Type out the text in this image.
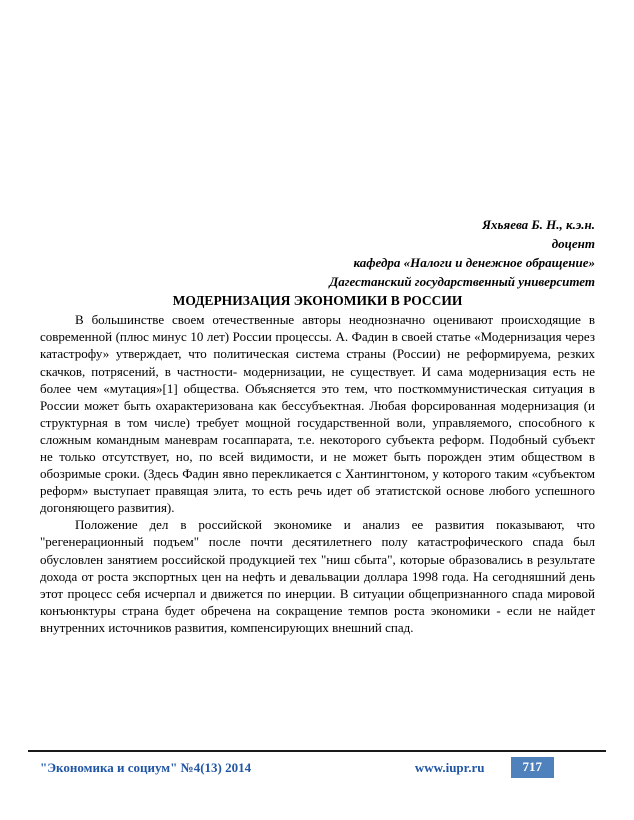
Яхьяева Б. Н., к.э.н.
доцент
кафедра «Налоги и денежное обращение»
Дагестанский государственный университет
МОДЕРНИЗАЦИЯ ЭКОНОМИКИ В РОССИИ

В большинстве своем отечественные авторы неоднозначно оценивают происходящие в современной (плюс минус 10 лет) России процессы. А. Фадин в своей статье «Модернизация через катастрофу» утверждает, что политическая система страны (России) не реформируема, резких скачков, потрясений, в частности- модернизации, не существует. И сама модернизация есть не более чем «мутация»[1] общества. Объясняется это тем, что посткоммунистическая ситуация в России может быть охарактеризована как бессубъектная. Любая форсированная модернизация (и структурная в том числе) требует мощной государственной воли, управляемого, способного к сложным командным маневрам госаппарата, т.е. некоторого субъекта реформ. Подобный субъект не только отсутствует, но, по всей видимости, и не может быть порожден этим обществом в обозримые сроки. (Здесь Фадин явно перекликается с Хантингтоном, у которого таким «субъектом реформ» выступает правящая элита, то есть речь идет об этатистской основе любого успешного догоняющего развития).

Положение дел в российской экономике и анализ ее развития показывают, что "регенерационный подъем" после почти десятилетнего полу катастрофического спада был обусловлен занятием российской продукцией тех "ниш сбыта", которые образовались в результате дохода от роста экспортных цен на нефть и девальвации доллара 1998 года. На сегодняшний день этот процесс себя исчерпал и движется по инерции. В ситуации общепризнанного спада мировой конъюнктуры страна будет обречена на сокращение темпов роста экономики - если не найдет внутренних источников развития, компенсирующих внешний спад.

"Экономика и социум" №4(13) 2014	www.iupr.ru	717
